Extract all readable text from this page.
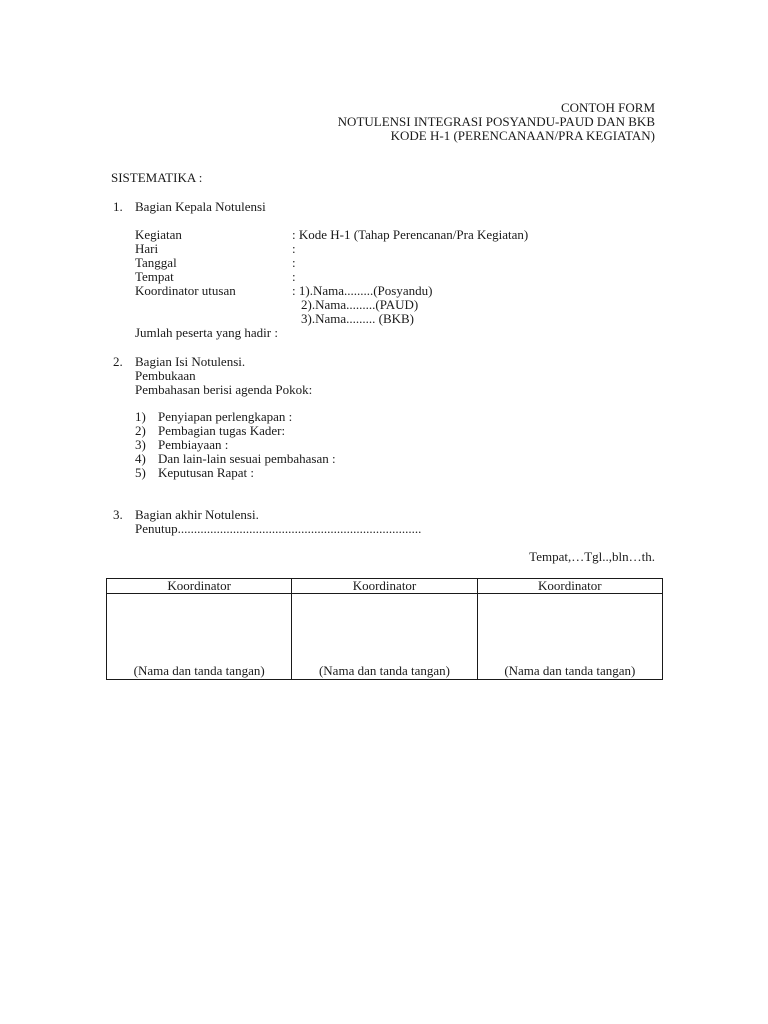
CONTOH FORM
NOTULENSI INTEGRASI POSYANDU-PAUD DAN BKB
KODE H-1 (PERENCANAAN/PRA KEGIATAN)
SISTEMATIKA :
1. Bagian Kepala Notulensi
Kegiatan	: Kode H-1 (Tahap Perencanan/Pra Kegiatan)
Hari	:
Tanggal	:
Tempat	:
Koordinator utusan	: 1).Nama.........(Posyandu)
2).Nama.........(PAUD)
3).Nama......... (BKB)
Jumlah peserta yang hadir :
2. Bagian Isi Notulensi.
Pembukaan
Pembahasan berisi agenda Pokok:
1) Penyiapan perlengkapan :
2) Pembagian tugas Kader:
3) Pembiayaan :
4) Dan lain-lain sesuai pembahasan :
5) Keputusan Rapat :
3. Bagian akhir Notulensi.
Penutup...........................................................................
Tempat,…Tgl..,bln…th.
Koordinator	Koordinator	Koordinator
(Nama dan tanda tangan)	(Nama dan tanda tangan)	(Nama dan tanda tangan)
